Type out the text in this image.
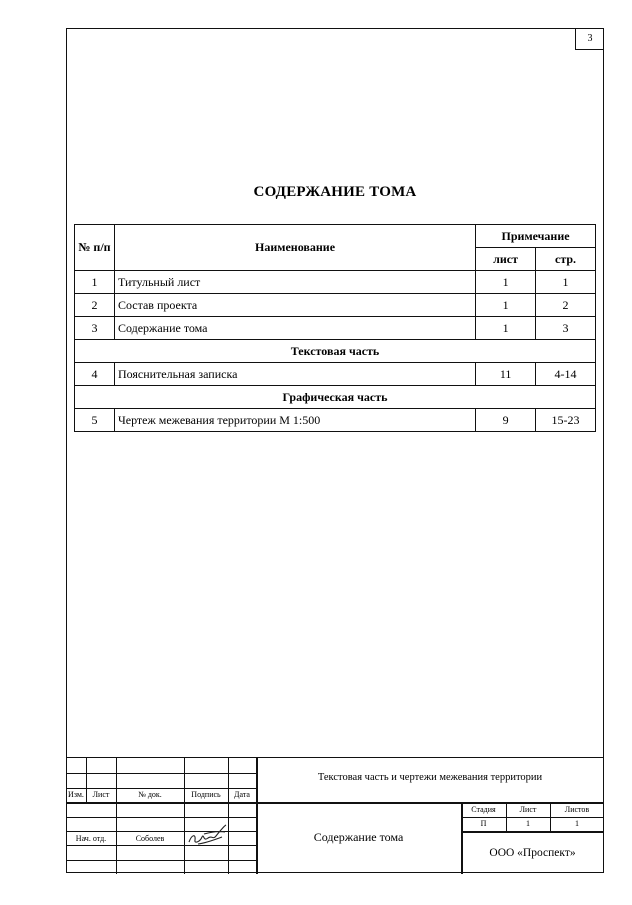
3
СОДЕРЖАНИЕ ТОМА
№ п/п	Наименование	Примечание	
		лист	стр.
1	Титульный лист	1	1
2	Состав проекта	1	2
3	Содержание тома	1	3
Текстовая часть			
4	Пояснительная записка	11	4-14
Графическая часть			
5	Чертеж межевания территории М 1:500	9	15-23
Текстовая часть и чертежи межевания территории
Изм.	Лист	№ док.	Подпись	Дата
Нач. отд.	Соболев	Содержание тома
Стадия	Лист	Листов
П	1	1
ООО «Проспект»
